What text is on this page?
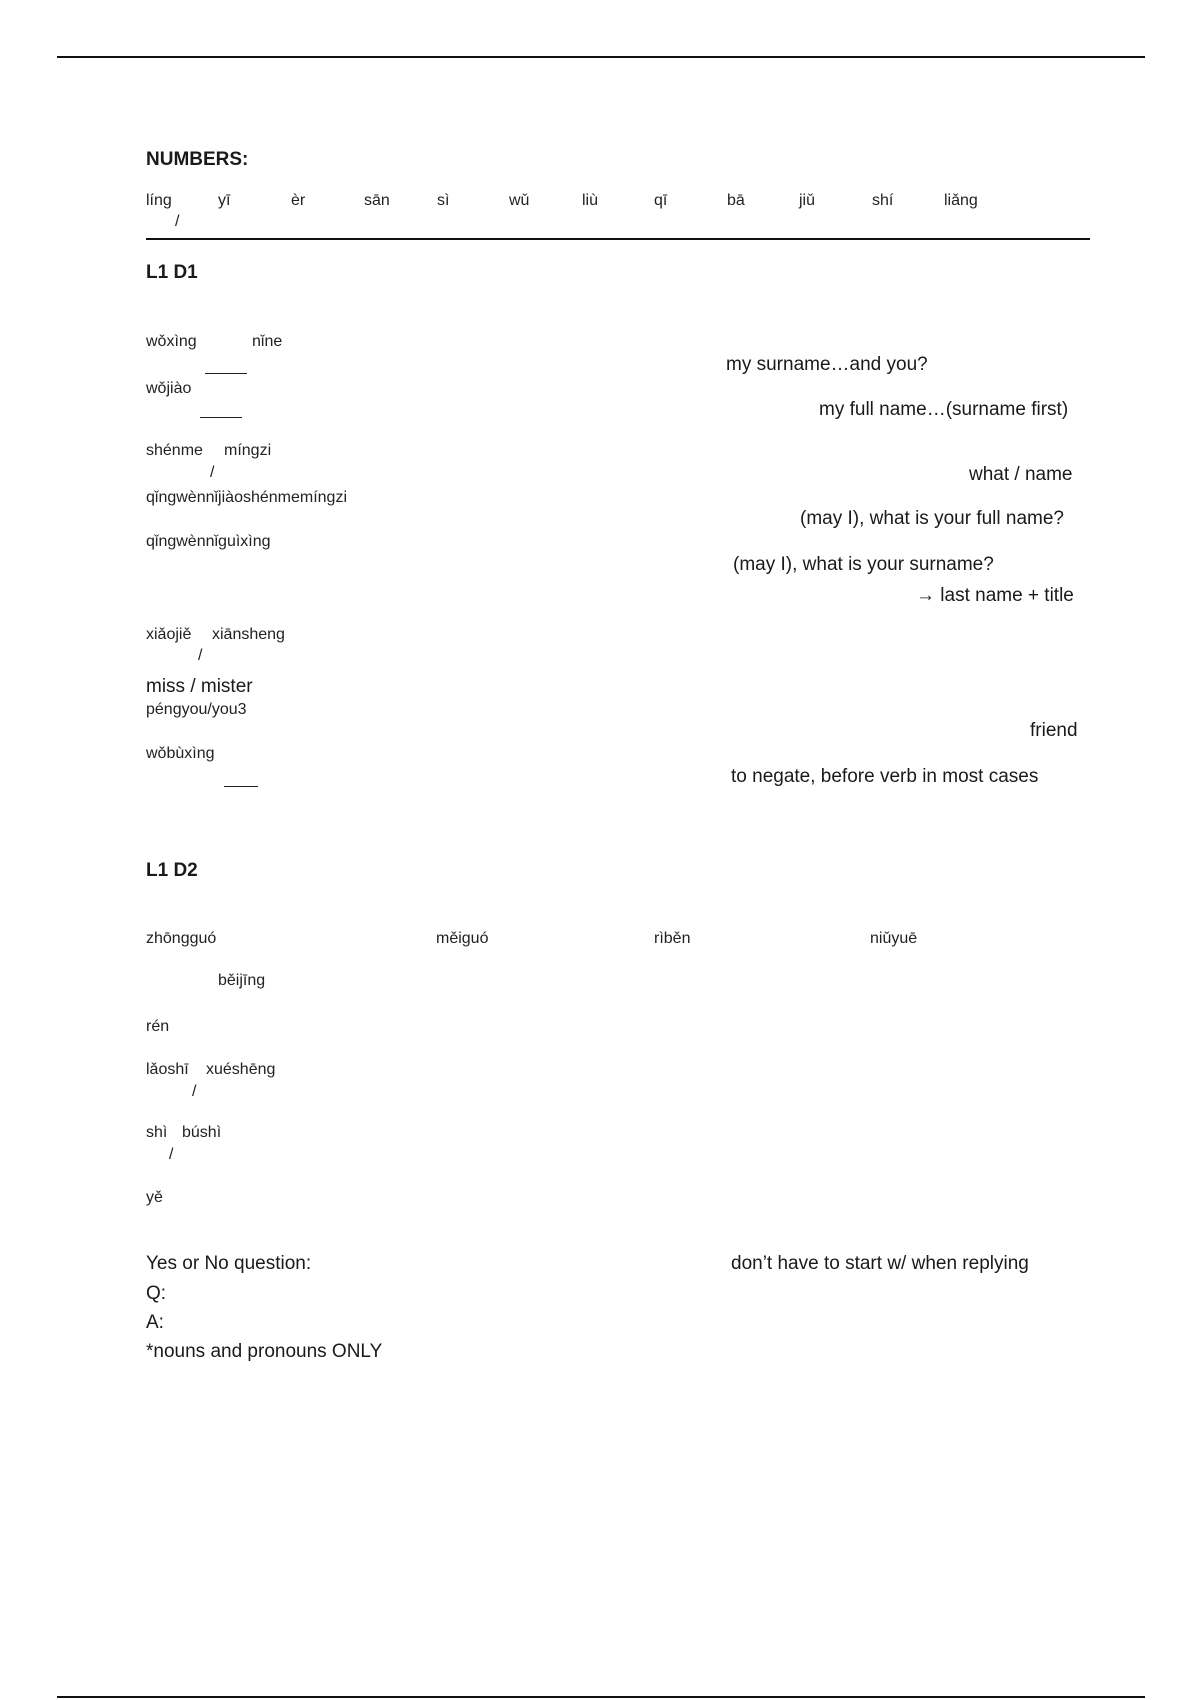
NUMBERS:
líng	yī	èr	sān	sì	wǔ	liù	qī	bā	jiǔ	shí	liǎng
/
L1 D1
wǒxìng	nǐne
my surname…and you?
wǒjiào
my full name…(surname first)
shénme míngzi
/	what / name
qǐngwènnǐjiàoshénmemíngzi
(may I), what is your full name?
qǐngwènnǐguìxìng
(may I), what is your surname?
→ last name + title
xiǎojiě xiānsheng
/
miss / mister
péngyou/you3
friend
wǒbùxìng
to negate, before verb in most cases
L1 D2
zhōngguó	měiguó	rìběn	niǔyuē
běijīng
rén
lǎoshī xuéshēng
/
shì búshì
/
yě
Yes or No question:	don’t have to start w/ when replying
Q:
A:
*nouns and pronouns ONLY
